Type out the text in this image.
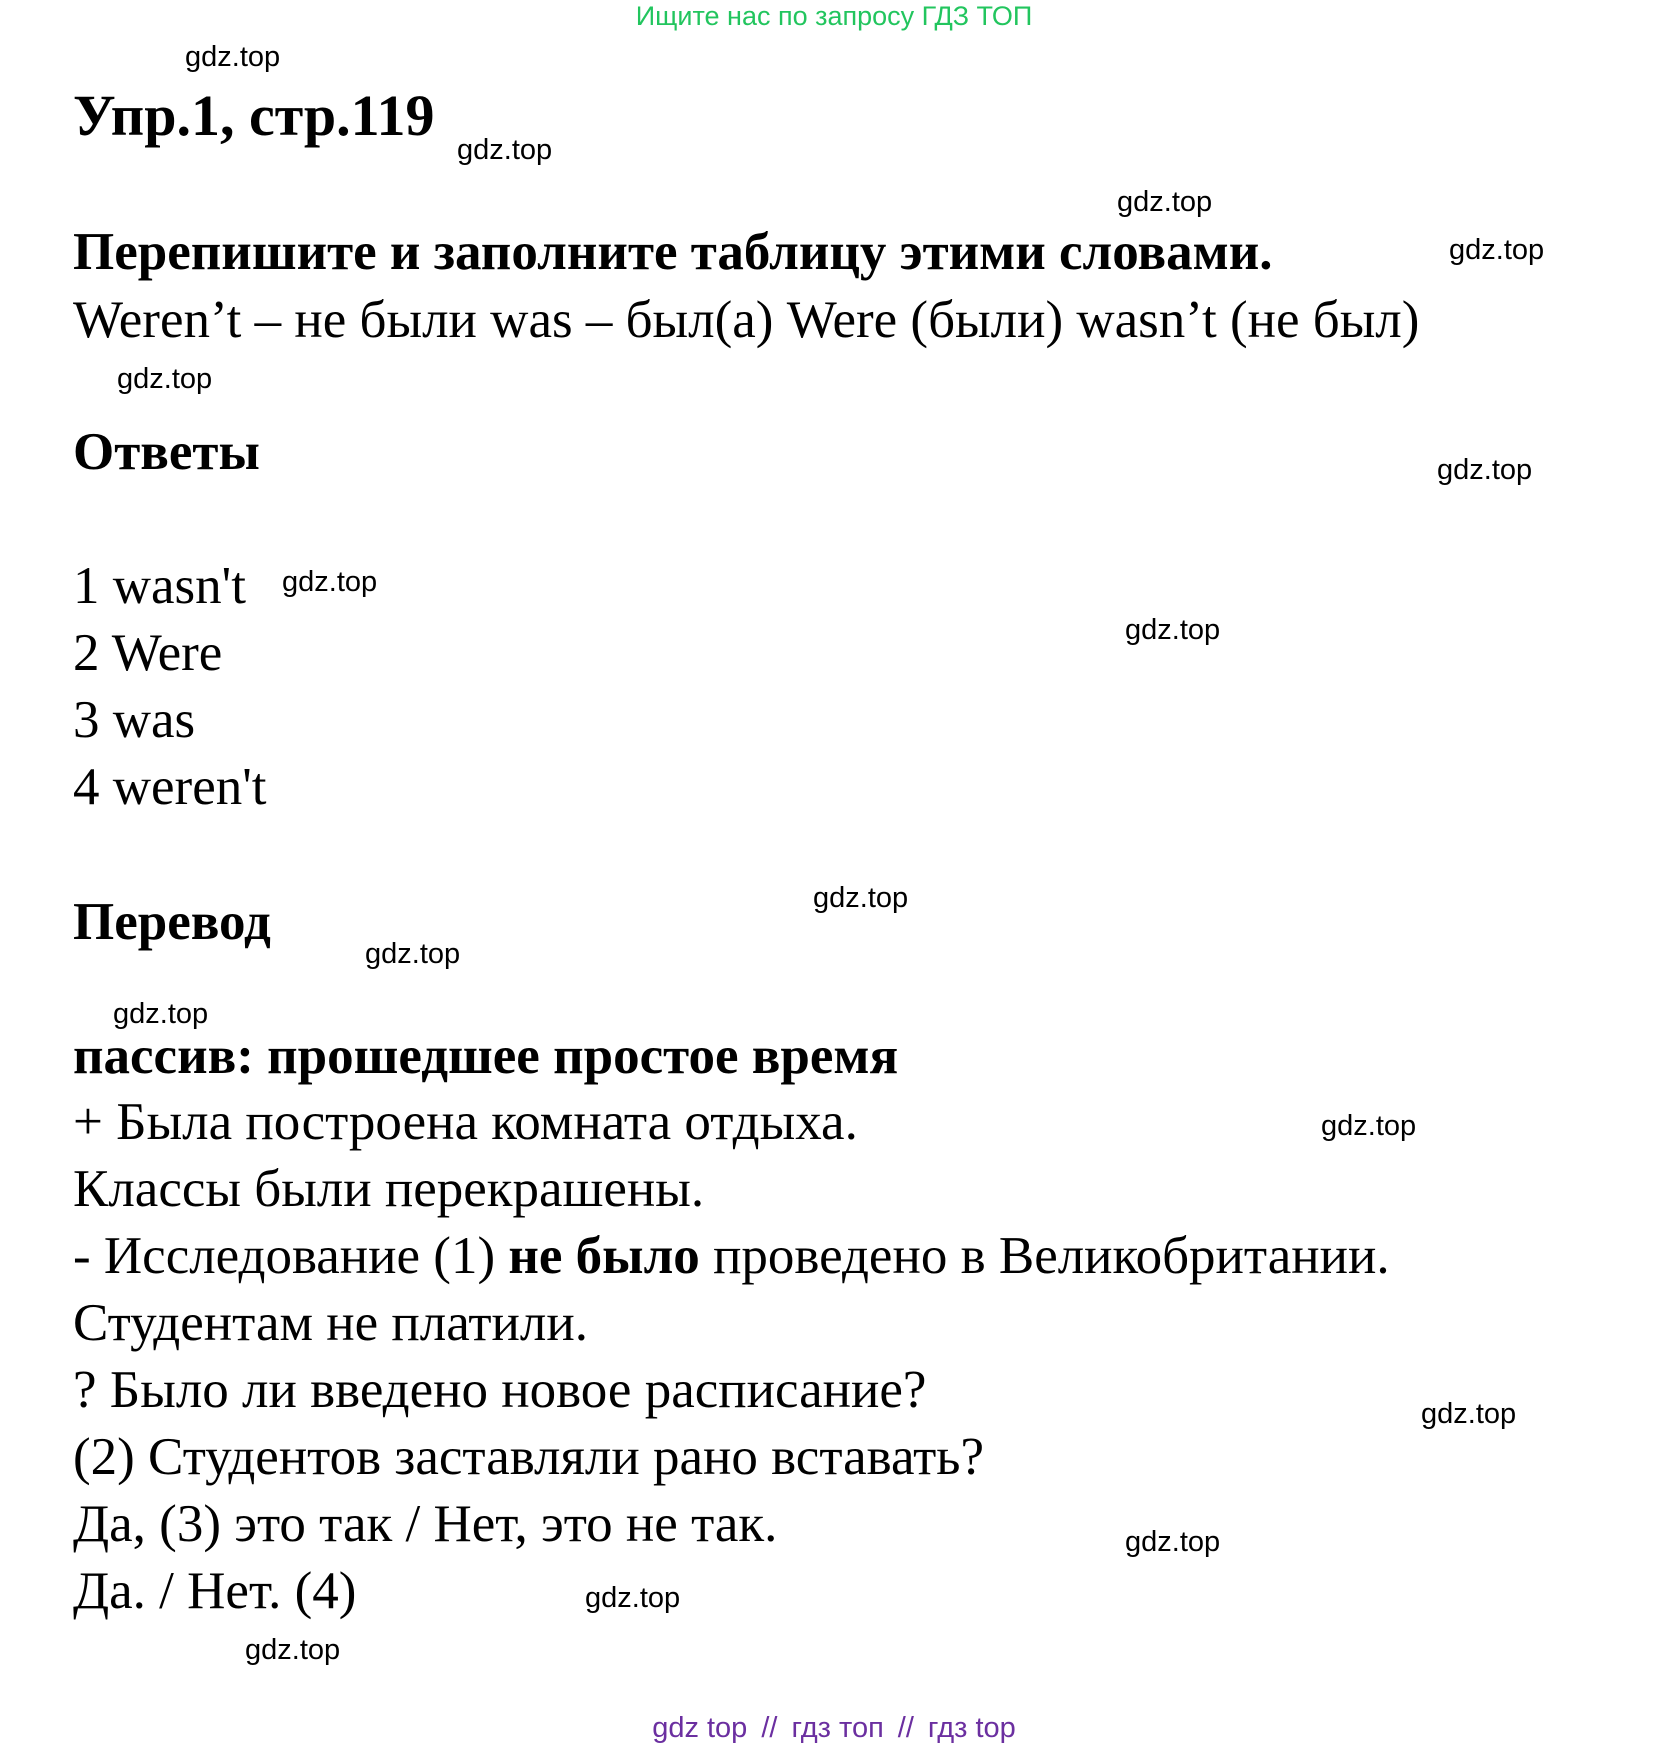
Ищите нас по запросу ГДЗ ТОП
gdz.top
gdz.top
gdz.top
gdz.top
gdz.top
gdz.top
gdz.top
gdz.top
gdz.top
gdz.top
gdz.top
gdz.top
gdz.top
gdz.top
gdz.top
gdz.top
Упр.1, стр.119
Перепишите и заполните таблицу этими словами.
Weren’t – не были was – был(а) Were (были) wasn’t (не был)
Ответы
1 wasn't
2 Were
3 was
4 weren't
Перевод
пассив: прошедшее простое время
+ Была построена комната отдыха.
Классы были перекрашены.
- Исследование (1) не было проведено в Великобритании.
Студентам не платили.
? Было ли введено новое расписание?
(2) Студентов заставляли рано вставать?
Да, (3) это так / Нет, это не так.
Да. / Нет. (4)
gdz top // гдз топ // гдз top
